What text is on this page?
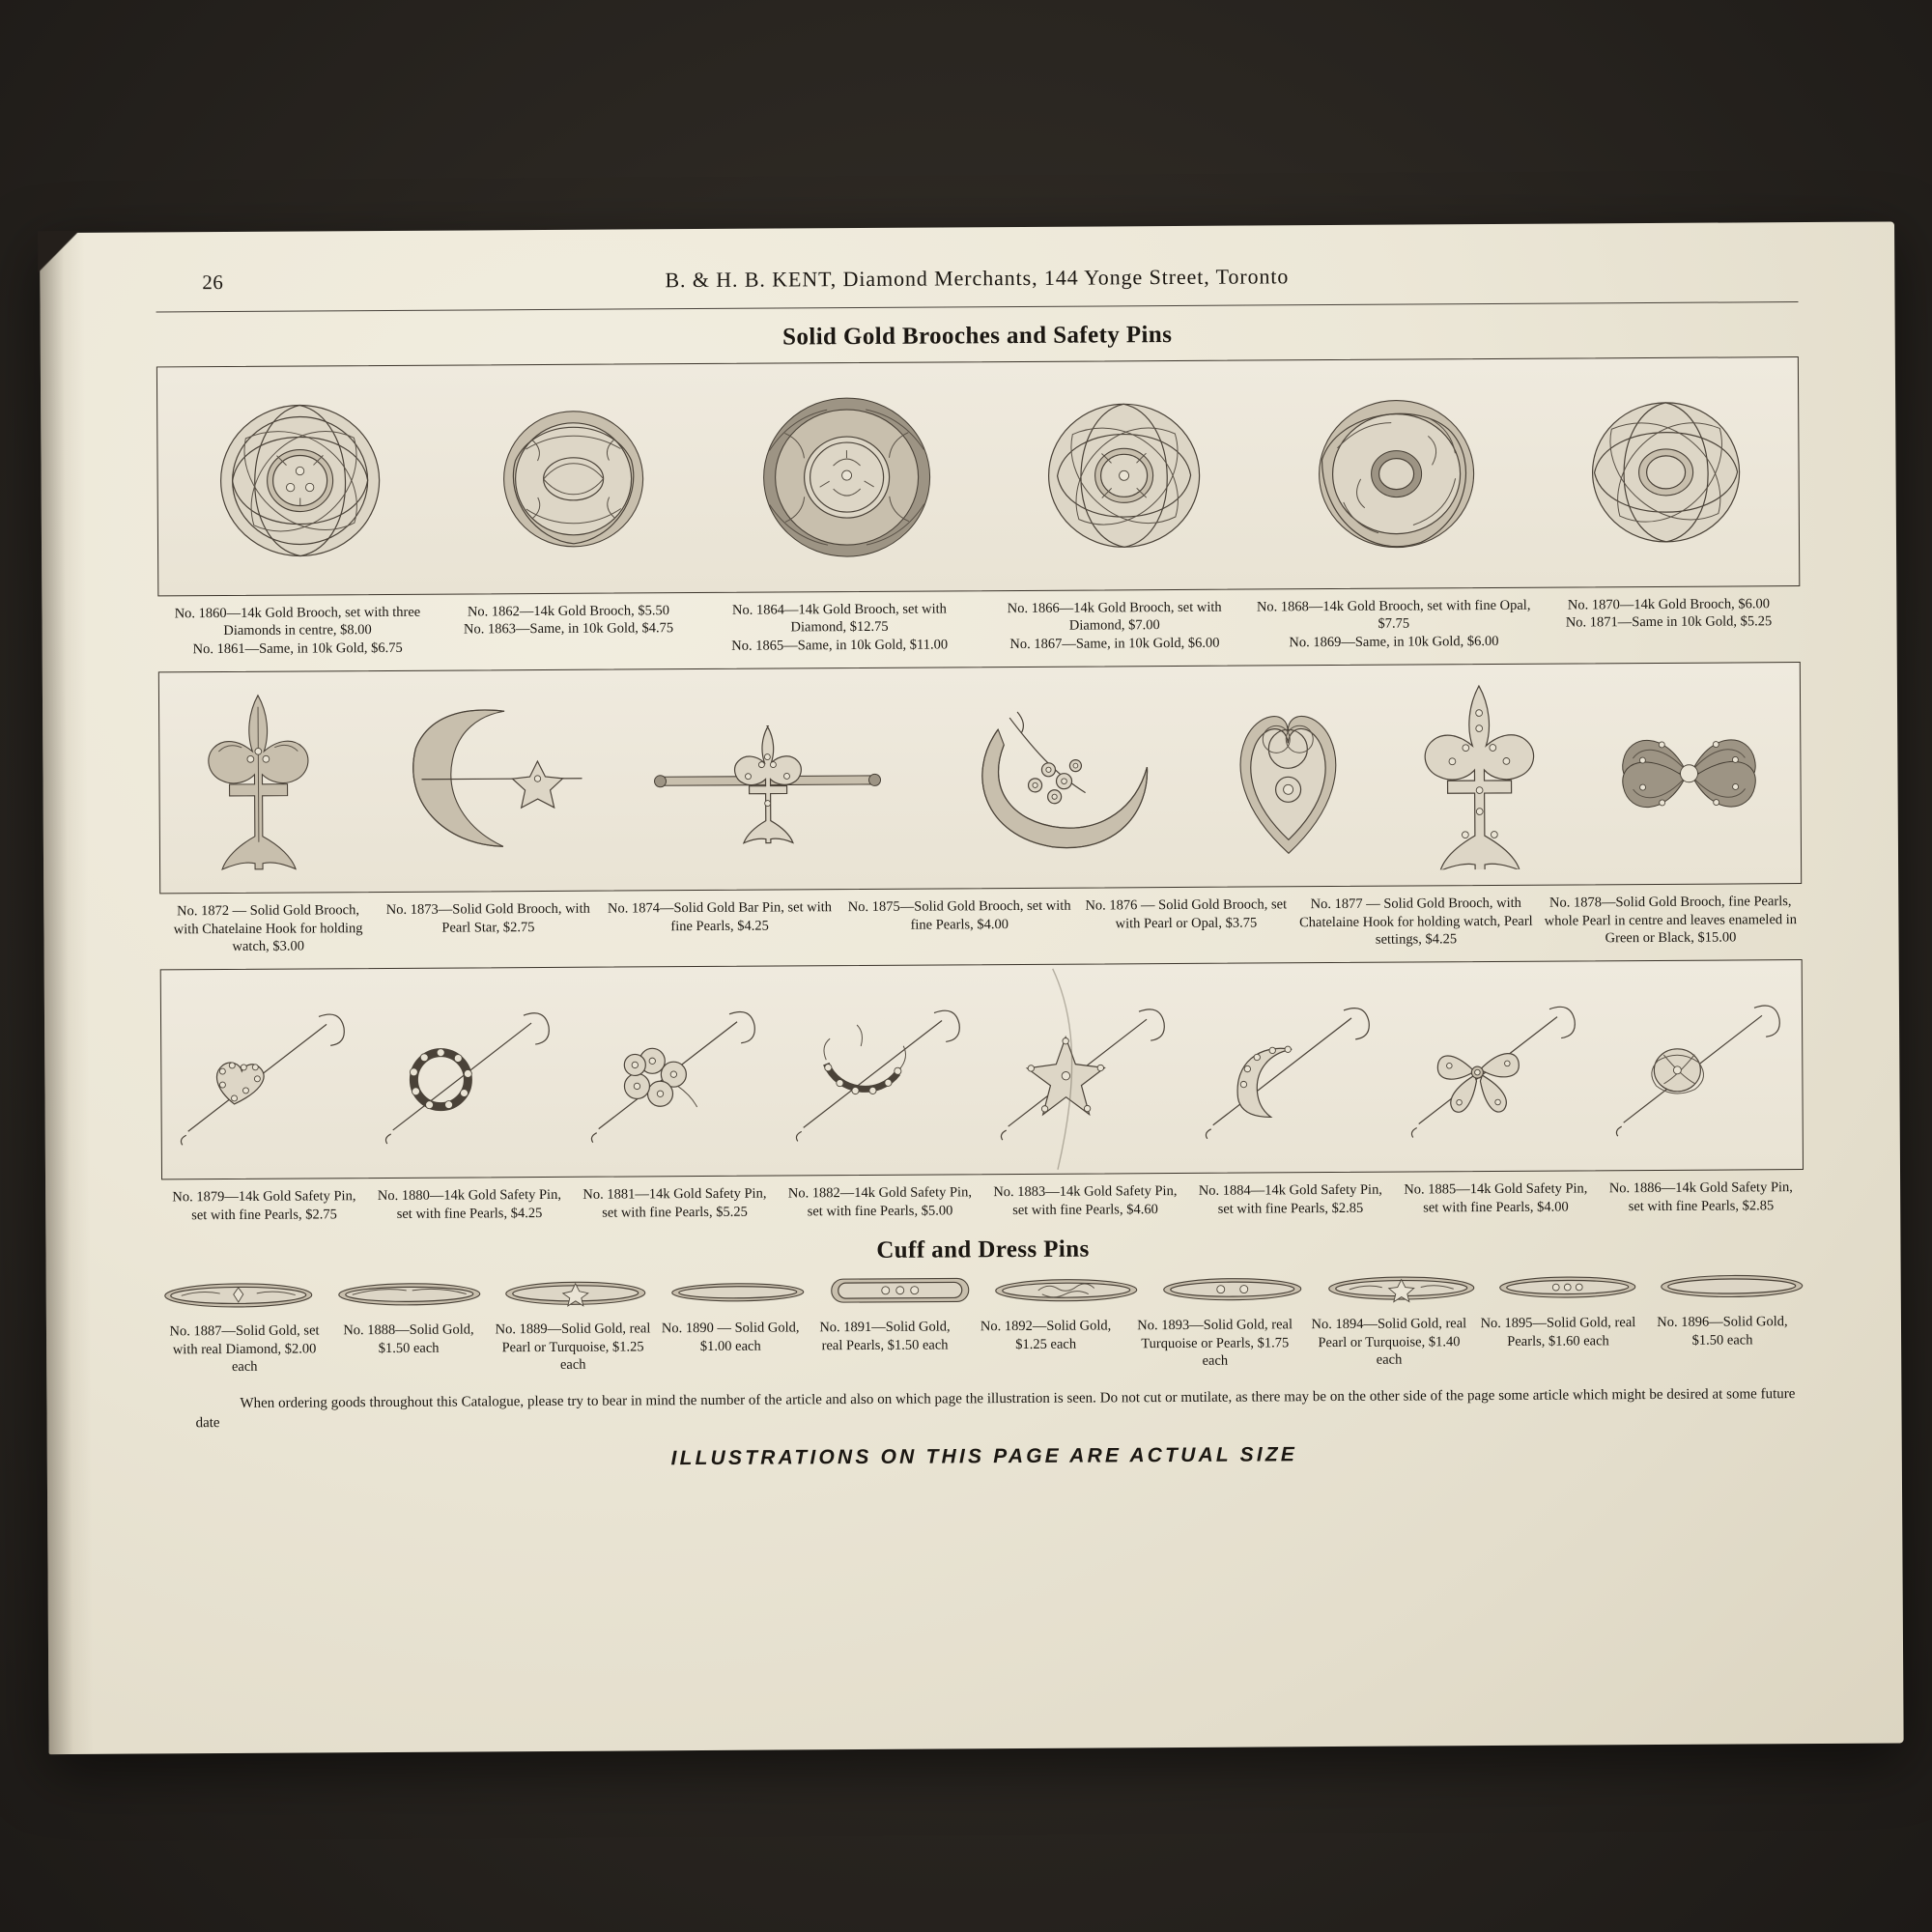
26	B. & H. B. KENT, Diamond Merchants, 144 Yonge Street, Toronto
Solid Gold Brooches and Safety Pins
No. 1860—14k Gold Brooch, set with three Diamonds in centre, $8.00
No. 1861—Same, in 10k Gold, $6.75
No. 1862—14k Gold Brooch, $5.50
No. 1863—Same, in 10k Gold, $4.75
No. 1864—14k Gold Brooch, set with Diamond, $12.75
No. 1865—Same, in 10k Gold, $11.00
No. 1866—14k Gold Brooch, set with Diamond, $7.00
No. 1867—Same, in 10k Gold, $6.00
No. 1868—14k Gold Brooch, set with fine Opal, $7.75
No. 1869—Same, in 10k Gold, $6.00
No. 1870—14k Gold Brooch, $6.00
No. 1871—Same in 10k Gold, $5.25
No. 1872 — Solid Gold Brooch, with Chatelaine Hook for holding watch, $3.00
No. 1873—Solid Gold Brooch, with Pearl Star, $2.75
No. 1874—Solid Gold Bar Pin, set with fine Pearls, $4.25
No. 1875—Solid Gold Brooch, set with fine Pearls, $4.00
No. 1876 — Solid Gold Brooch, set with Pearl or Opal, $3.75
No. 1877 — Solid Gold Brooch, with Chatelaine Hook for holding watch, Pearl settings, $4.25
No. 1878—Solid Gold Brooch, fine Pearls, whole Pearl in centre and leaves enameled in Green or Black, $15.00
No. 1879—14k Gold Safety Pin, set with fine Pearls, $2.75
No. 1880—14k Gold Safety Pin, set with fine Pearls, $4.25
No. 1881—14k Gold Safety Pin, set with fine Pearls, $5.25
No. 1882—14k Gold Safety Pin, set with fine Pearls, $5.00
No. 1883—14k Gold Safety Pin, set with fine Pearls, $4.60
No. 1884—14k Gold Safety Pin, set with fine Pearls, $2.85
No. 1885—14k Gold Safety Pin, set with fine Pearls, $4.00
No. 1886—14k Gold Safety Pin, set with fine Pearls, $2.85
Cuff and Dress Pins
No. 1887—Solid Gold, set with real Diamond, $2.00 each
No. 1888—Solid Gold, $1.50 each
No. 1889—Solid Gold, real Pearl or Turquoise, $1.25 each
No. 1890 — Solid Gold, $1.00 each
No. 1891—Solid Gold, real Pearls, $1.50 each
No. 1892—Solid Gold, $1.25 each
No. 1893—Solid Gold, real Turquoise or Pearls, $1.75 each
No. 1894—Solid Gold, real Pearl or Turquoise, $1.40 each
No. 1895—Solid Gold, real Pearls, $1.60 each
No. 1896—Solid Gold, $1.50 each
When ordering goods throughout this Catalogue, please try to bear in mind the number of the article and also on which page the illustration is seen. Do not cut or mutilate, as there may be on the other side of the page some article which might be desired at some future date
ILLUSTRATIONS ON THIS PAGE ARE ACTUAL SIZE
